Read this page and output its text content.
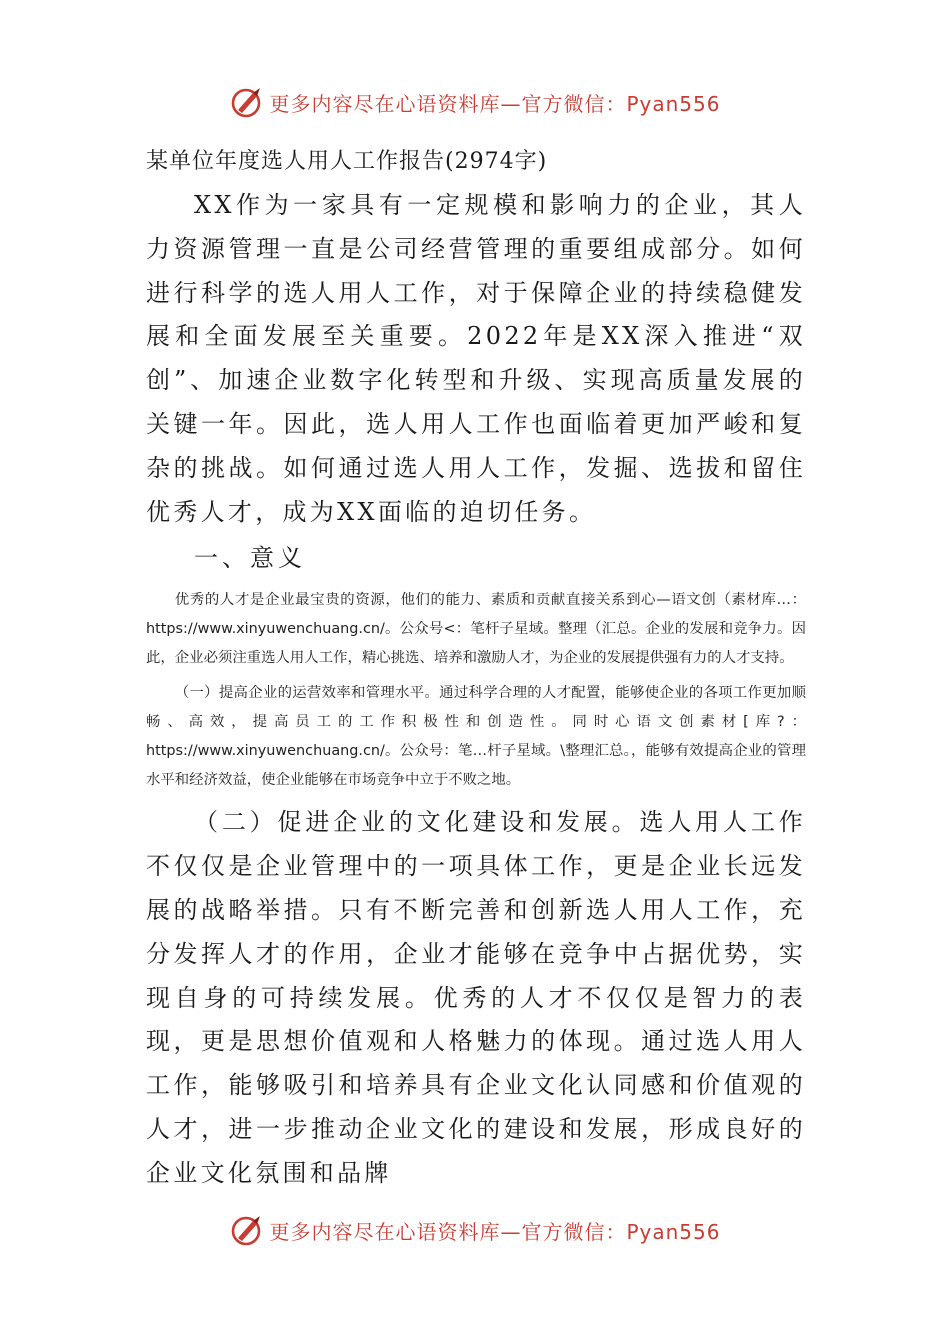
更多内容尽在心语资料库—官方微信：Pyan556

某单位年度选人用人工作报告(2974字)

XX作为一家具有一定规模和影响力的企业，其人力资源管理一直是公司经营管理的重要组成部分。如何进行科学的选人用人工作，对于保障企业的持续稳健发展和全面发展至关重要。2022年是XX深入推进“双创”、加速企业数字化转型和升级、实现高质量发展的关键一年。因此，选人用人工作也面临着更加严峻和复杂的挑战。如何通过选人用人工作，发掘、选拔和留住优秀人才，成为XX面临的迫切任务。

一、意义

优秀的人才是企业最宝贵的资源，他们的能力、素质和贡献直接关系到心—语文创（素材库…：https://www.xinyuwenchuang.cn/。公众号<：笔杆子星域。整理（汇总。企业的发展和竞争力。因此，企业必须注重选人用人工作，精心挑选、培养和激励人才，为企业的发展提供强有力的人才支持。

（一）提高企业的运营效率和管理水平。通过科学合理的人才配置，能够使企业的各项工作更加顺畅、高效，提高员工的工作积极性和创造性。同时心语文创素材[库?：https://www.xinyuwenchuang.cn/。公众号：笔…杆子星域。\整理汇总。，能够有效提高企业的管理水平和经济效益，使企业能够在市场竞争中立于不败之地。

（二）促进企业的文化建设和发展。选人用人工作不仅仅是企业管理中的一项具体工作，更是企业长远发展的战略举措。只有不断完善和创新选人用人工作，充分发挥人才的作用，企业才能够在竞争中占据优势，实现自身的可持续发展。优秀的人才不仅仅是智力的表现，更是思想价值观和人格魅力的体现。通过选人用人工作，能够吸引和培养具有企业文化认同感和价值观的人才，进一步推动企业文化的建设和发展，形成良好的企业文化氛围和品牌

更多内容尽在心语资料库—官方微信：Pyan556
